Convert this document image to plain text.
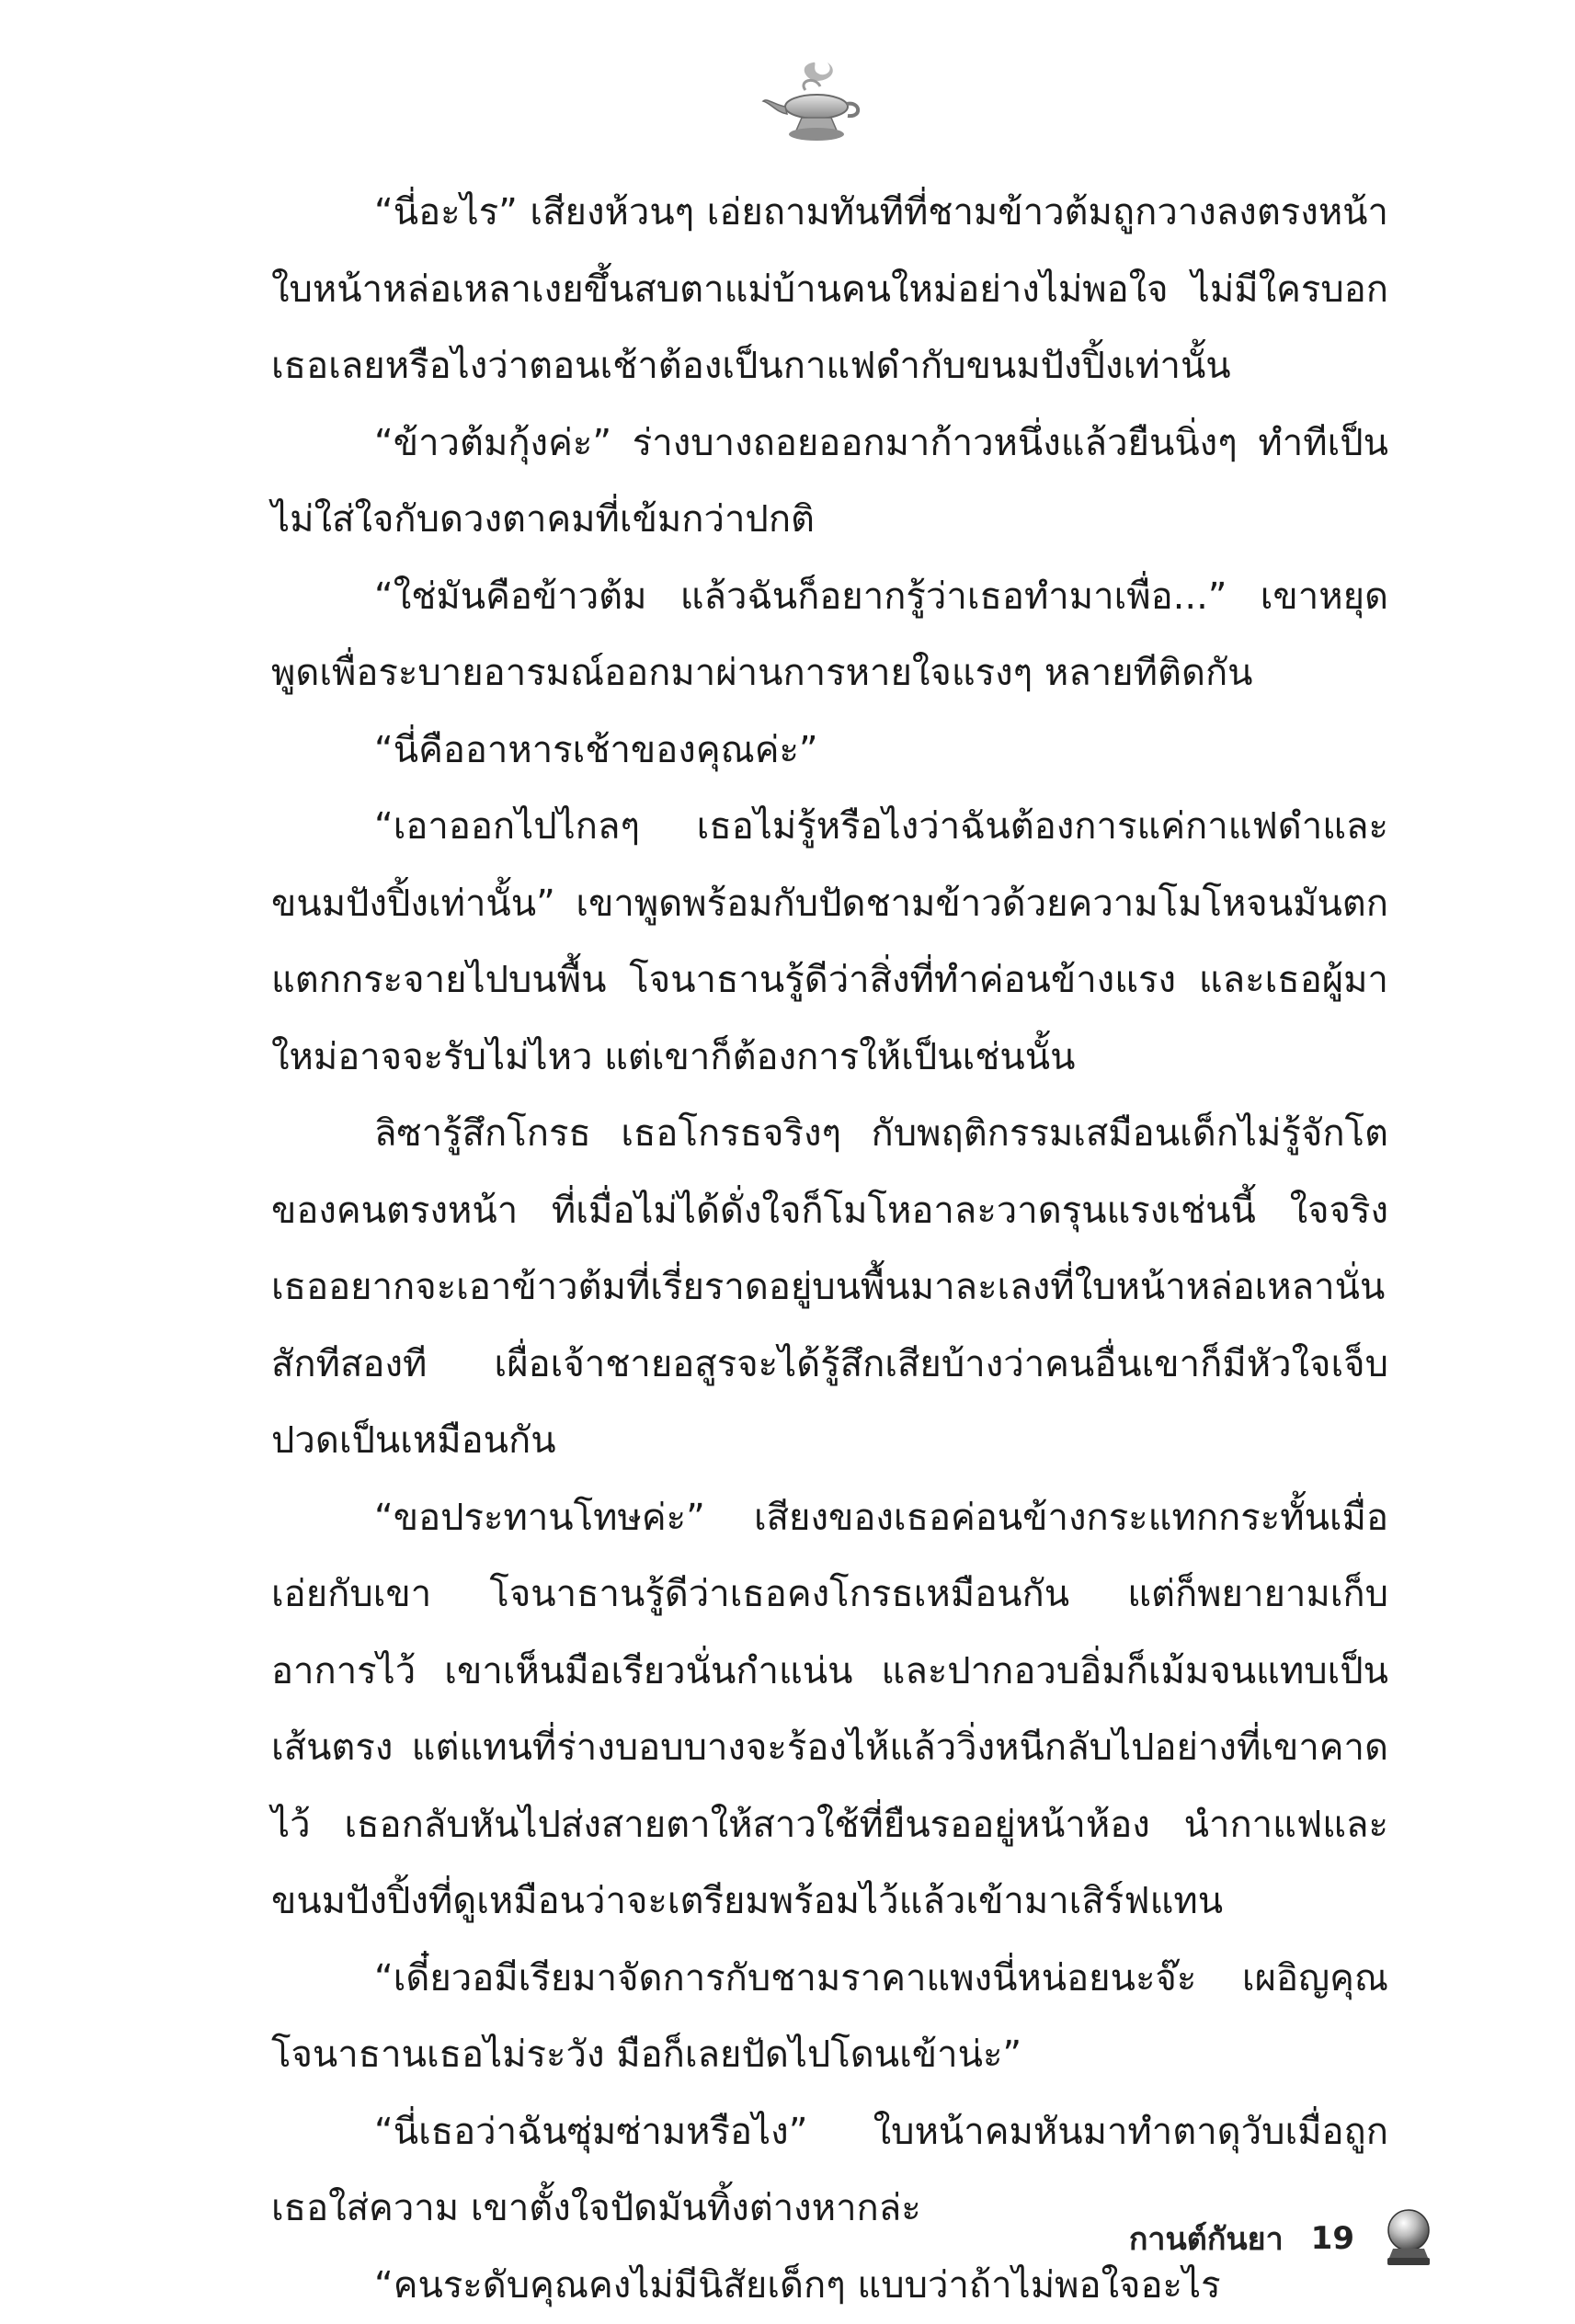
“นี่อะไร” เสียงห้วนๆ เอ่ยถามทันทีที่ชามข้าวต้มถูกวางลงตรงหน้า ใบหน้าหล่อเหลาเงยขึ้นสบตาแม่บ้านคนใหม่อย่างไม่พอใจ ไม่มีใครบอกเธอเลยหรือไงว่าตอนเช้าต้องเป็นกาแฟดำกับขนมปังปิ้งเท่านั้น

“ข้าวต้มกุ้งค่ะ” ร่างบางถอยออกมาก้าวหนึ่งแล้วยืนนิ่งๆ ทำทีเป็นไม่ใส่ใจกับดวงตาคมที่เข้มกว่าปกติ

“ใช่มันคือข้าวต้ม แล้วฉันก็อยากรู้ว่าเธอทำมาเพื่อ...” เขาหยุดพูดเพื่อระบายอารมณ์ออกมาผ่านการหายใจแรงๆ หลายทีติดกัน

“นี่คืออาหารเช้าของคุณค่ะ”

“เอาออกไปไกลๆ เธอไม่รู้หรือไงว่าฉันต้องการแค่กาแฟดำและขนมปังปิ้งเท่านั้น” เขาพูดพร้อมกับปัดชามข้าวด้วยความโมโหจนมันตกแตกกระจายไปบนพื้น โจนาธานรู้ดีว่าสิ่งที่ทำค่อนข้างแรง และเธอผู้มาใหม่อาจจะรับไม่ไหว แต่เขาก็ต้องการให้เป็นเช่นนั้น

ลิซารู้สึกโกรธ เธอโกรธจริงๆ กับพฤติกรรมเสมือนเด็กไม่รู้จักโตของคนตรงหน้า ที่เมื่อไม่ได้ดั่งใจก็โมโหอาละวาดรุนแรงเช่นนี้ ใจจริงเธออยากจะเอาข้าวต้มที่เรี่ยราดอยู่บนพื้นมาละเลงที่ใบหน้าหล่อเหลานั่นสักทีสองที เผื่อเจ้าชายอสูรจะได้รู้สึกเสียบ้างว่าคนอื่นเขาก็มีหัวใจเจ็บปวดเป็นเหมือนกัน

“ขอประทานโทษค่ะ” เสียงของเธอค่อนข้างกระแทกกระทั้นเมื่อเอ่ยกับเขา โจนาธานรู้ดีว่าเธอคงโกรธเหมือนกัน แต่ก็พยายามเก็บอาการไว้ เขาเห็นมือเรียวนั่นกำแน่น และปากอวบอิ่มก็เม้มจนแทบเป็นเส้นตรง แต่แทนที่ร่างบอบบางจะร้องไห้แล้ววิ่งหนีกลับไปอย่างที่เขาคาดไว้ เธอกลับหันไปส่งสายตาให้สาวใช้ที่ยืนรออยู่หน้าห้อง นำกาแฟและขนมปังปิ้งที่ดูเหมือนว่าจะเตรียมพร้อมไว้แล้วเข้ามาเสิร์ฟแทน

“เดี๋ยวอมีเรียมาจัดการกับชามราคาแพงนี่หน่อยนะจ๊ะ เผอิญคุณโจนาธานเธอไม่ระวัง มือก็เลยปัดไปโดนเข้าน่ะ”

“นี่เธอว่าฉันซุ่มซ่ามหรือไง” ใบหน้าคมหันมาทำตาดุวับเมื่อถูกเธอใส่ความ เขาตั้งใจปัดมันทิ้งต่างหากล่ะ

“คนระดับคุณคงไม่มีนิสัยเด็กๆ แบบว่าถ้าไม่พอใจอะไร

กานต์กันยา 19
